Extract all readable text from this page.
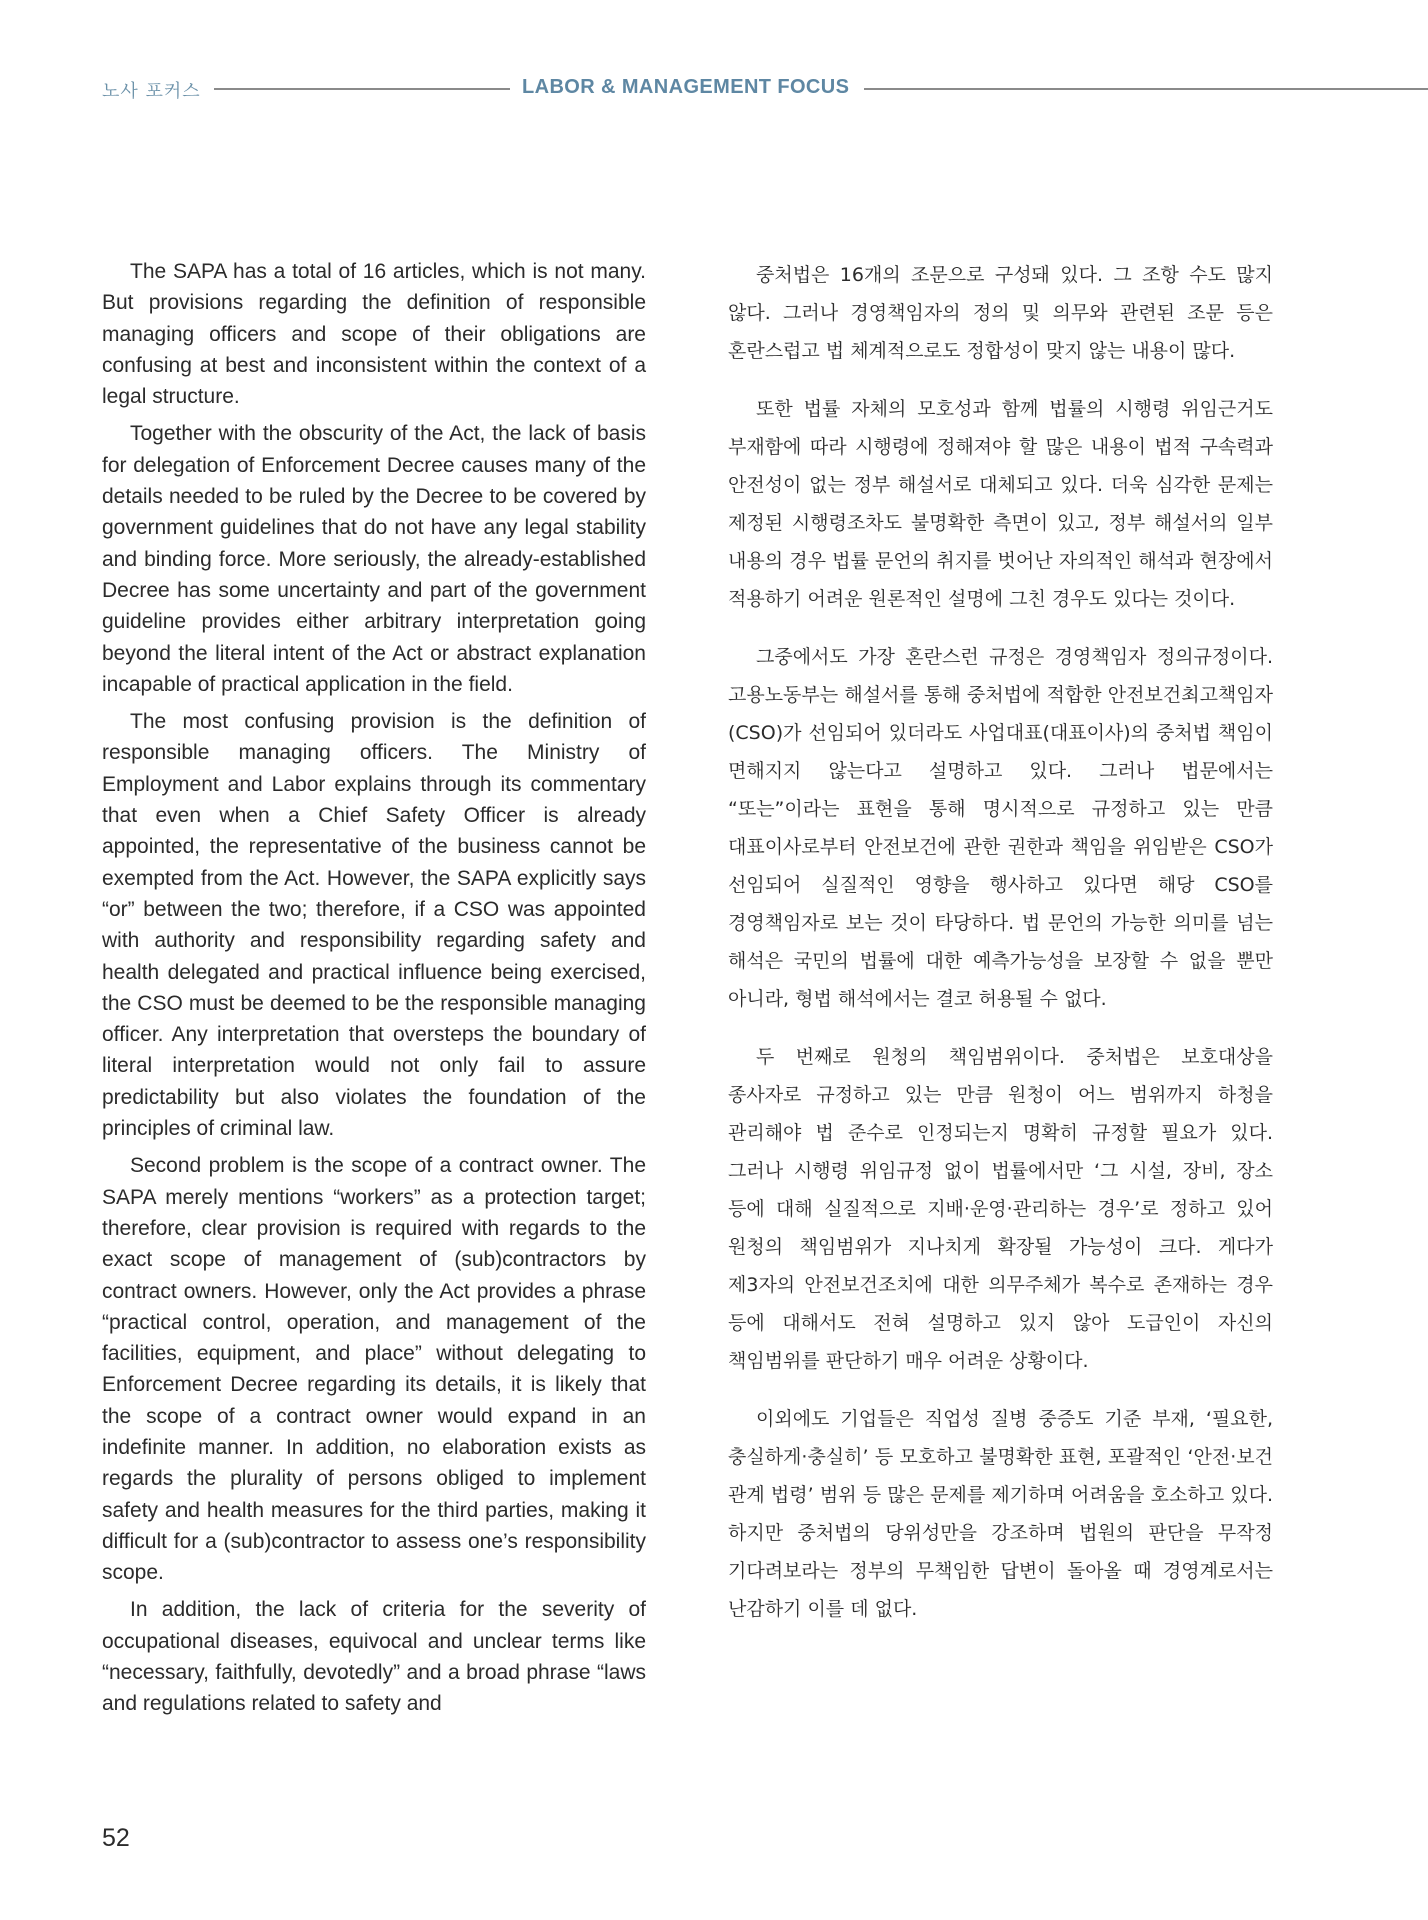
노사 포커스	LABOR & MANAGEMENT FOCUS

The SAPA has a total of 16 articles, which is not many. But provisions regarding the definition of responsible managing officers and scope of their obligations are confusing at best and inconsistent within the context of a legal structure.

Together with the obscurity of the Act, the lack of basis for delegation of Enforcement Decree causes many of the details needed to be ruled by the Decree to be covered by government guidelines that do not have any legal stability and binding force. More seriously, the already-established Decree has some uncertainty and part of the government guideline provides either arbitrary interpretation going beyond the literal intent of the Act or abstract explanation incapable of practical application in the field.

The most confusing provision is the definition of responsible managing officers. The Ministry of Employment and Labor explains through its commentary that even when a Chief Safety Officer is already appointed, the representative of the business cannot be exempted from the Act. However, the SAPA explicitly says “or” between the two; therefore, if a CSO was appointed with authority and responsibility regarding safety and health delegated and practical influence being exercised, the CSO must be deemed to be the responsible managing officer. Any interpretation that oversteps the boundary of literal interpretation would not only fail to assure predictability but also violates the foundation of the principles of criminal law.

Second problem is the scope of a contract owner. The SAPA merely mentions “workers” as a protection target; therefore, clear provision is required with regards to the exact scope of management of (sub)contractors by contract owners. However, only the Act provides a phrase “practical control, operation, and management of the facilities, equipment, and place” without delegating to Enforcement Decree regarding its details, it is likely that the scope of a contract owner would expand in an indefinite manner. In addition, no elaboration exists as regards the plurality of persons obliged to implement safety and health measures for the third parties, making it difficult for a (sub)contractor to assess one’s responsibility scope.

In addition, the lack of criteria for the severity of occupational diseases, equivocal and unclear terms like “necessary, faithfully, devotedly” and a broad phrase “laws and regulations related to safety and

중처법은 16개의 조문으로 구성돼 있다. 그 조항 수도 많지 않다. 그러나 경영책임자의 정의 및 의무와 관련된 조문 등은 혼란스럽고 법 체계적으로도 정합성이 맞지 않는 내용이 많다.

또한 법률 자체의 모호성과 함께 법률의 시행령 위임근거도 부재함에 따라 시행령에 정해져야 할 많은 내용이 법적 구속력과 안전성이 없는 정부 해설서로 대체되고 있다. 더욱 심각한 문제는 제정된 시행령조차도 불명확한 측면이 있고, 정부 해설서의 일부 내용의 경우 법률 문언의 취지를 벗어난 자의적인 해석과 현장에서 적용하기 어려운 원론적인 설명에 그친 경우도 있다는 것이다.

그중에서도 가장 혼란스런 규정은 경영책임자 정의규정이다. 고용노동부는 해설서를 통해 중처법에 적합한 안전보건최고책임자(CSO)가 선임되어 있더라도 사업대표(대표이사)의 중처법 책임이 면해지지 않는다고 설명하고 있다. 그러나 법문에서는 “또는”이라는 표현을 통해 명시적으로 규정하고 있는 만큼 대표이사로부터 안전보건에 관한 권한과 책임을 위임받은 CSO가 선임되어 실질적인 영향을 행사하고 있다면 해당 CSO를 경영책임자로 보는 것이 타당하다. 법 문언의 가능한 의미를 넘는 해석은 국민의 법률에 대한 예측가능성을 보장할 수 없을 뿐만 아니라, 형법 해석에서는 결코 허용될 수 없다.

두 번째로 원청의 책임범위이다. 중처법은 보호대상을 종사자로 규정하고 있는 만큼 원청이 어느 범위까지 하청을 관리해야 법 준수로 인정되는지 명확히 규정할 필요가 있다. 그러나 시행령 위임규정 없이 법률에서만 ‘그 시설, 장비, 장소 등에 대해 실질적으로 지배·운영·관리하는 경우’로 정하고 있어 원청의 책임범위가 지나치게 확장될 가능성이 크다. 게다가 제3자의 안전보건조치에 대한 의무주체가 복수로 존재하는 경우 등에 대해서도 전혀 설명하고 있지 않아 도급인이 자신의 책임범위를 판단하기 매우 어려운 상황이다.

이외에도 기업들은 직업성 질병 중증도 기준 부재, ‘필요한, 충실하게·충실히’ 등 모호하고 불명확한 표현, 포괄적인 ‘안전·보건 관계 법령’ 범위 등 많은 문제를 제기하며 어려움을 호소하고 있다. 하지만 중처법의 당위성만을 강조하며 법원의 판단을 무작정 기다려보라는 정부의 무책임한 답변이 돌아올 때 경영계로서는 난감하기 이를 데 없다.

52
